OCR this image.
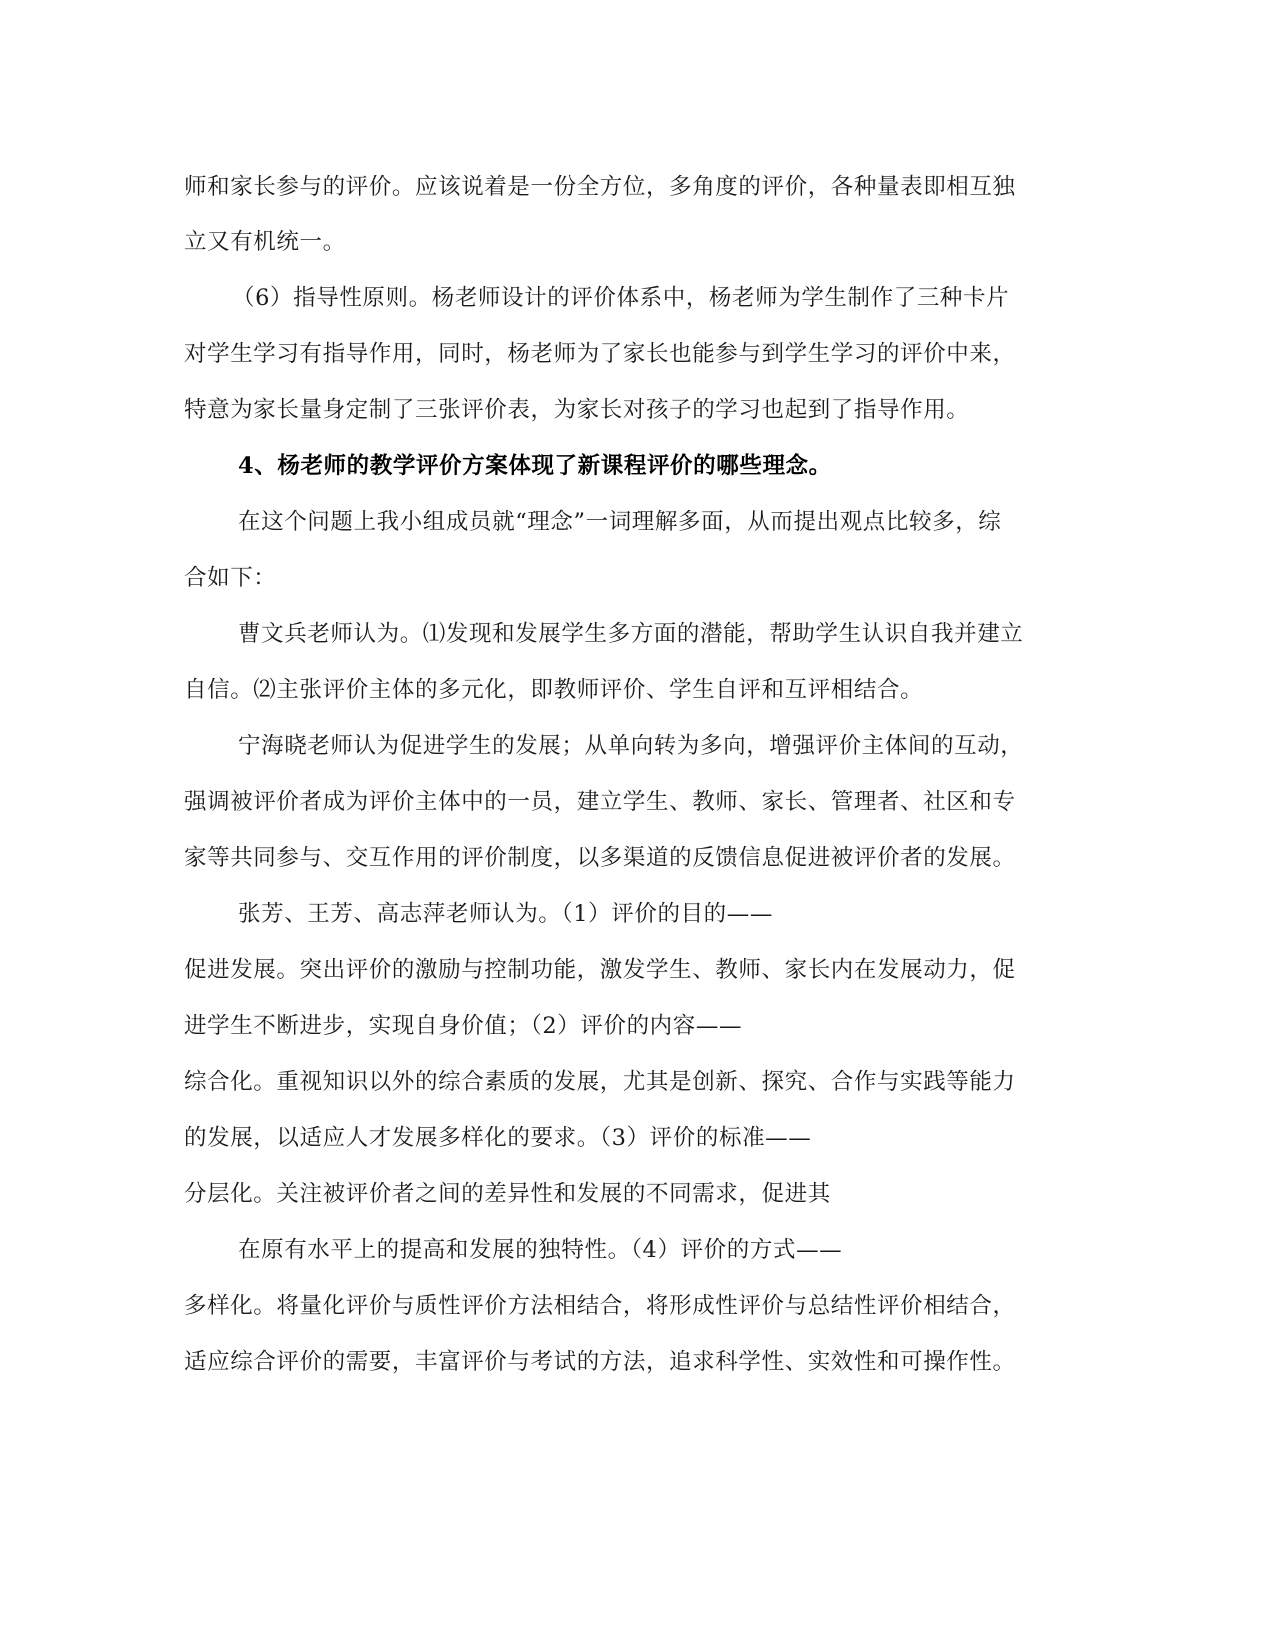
师和家长参与的评价。应该说着是一份全方位，多角度的评价，各种量表即相互独
立又有机统一。
（6）指导性原则。杨老师设计的评价体系中，杨老师为学生制作了三种卡片
对学生学习有指导作用，同时，杨老师为了家长也能参与到学生学习的评价中来，
特意为家长量身定制了三张评价表，为家长对孩子的学习也起到了指导作用。
4、杨老师的教学评价方案体现了新课程评价的哪些理念。
在这个问题上我小组成员就“理念”一词理解多面，从而提出观点比较多，综
合如下：
曹文兵老师认为。⑴发现和发展学生多方面的潜能，帮助学生认识自我并建立
自信。⑵主张评价主体的多元化，即教师评价、学生自评和互评相结合。
宁海晓老师认为促进学生的发展；从单向转为多向，增强评价主体间的互动，
强调被评价者成为评价主体中的一员，建立学生、教师、家长、管理者、社区和专
家等共同参与、交互作用的评价制度，以多渠道的反馈信息促进被评价者的发展。
张芳、王芳、高志萍老师认为。（1）评价的目的——
促进发展。突出评价的激励与控制功能，激发学生、教师、家长内在发展动力，促
进学生不断进步，实现自身价值；（2）评价的内容——
综合化。重视知识以外的综合素质的发展，尤其是创新、探究、合作与实践等能力
的发展，以适应人才发展多样化的要求。（3）评价的标准——
分层化。关注被评价者之间的差异性和发展的不同需求，促进其
在原有水平上的提高和发展的独特性。（4）评价的方式——
多样化。将量化评价与质性评价方法相结合，将形成性评价与总结性评价相结合，
适应综合评价的需要，丰富评价与考试的方法，追求科学性、实效性和可操作性。
